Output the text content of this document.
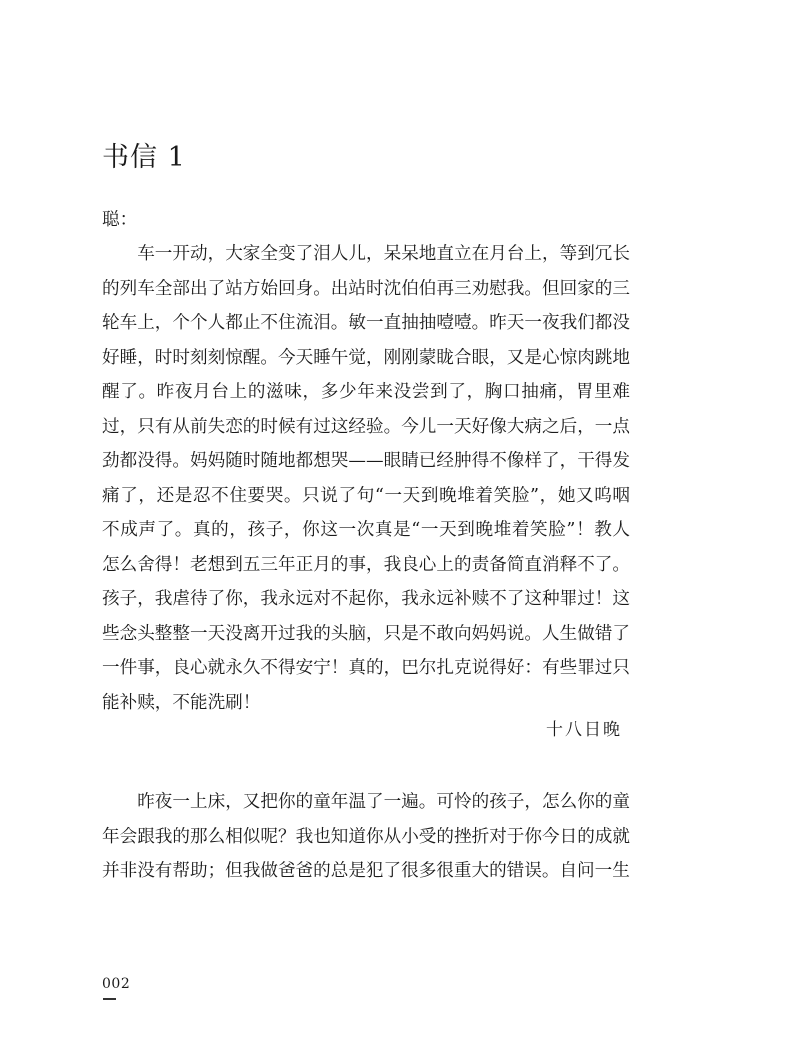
书信 1
聪：

车一开动，大家全变了泪人儿，呆呆地直立在月台上，等到冗长的列车全部出了站方始回身。出站时沈伯伯再三劝慰我。但回家的三轮车上，个个人都止不住流泪。敏一直抽抽噎噎。昨天一夜我们都没好睡，时时刻刻惊醒。今天睡午觉，刚刚蒙眬合眼，又是心惊肉跳地醒了。昨夜月台上的滋味，多少年来没尝到了，胸口抽痛，胃里难过，只有从前失恋的时候有过这经验。今儿一天好像大病之后，一点劲都没得。妈妈随时随地都想哭——眼睛已经肿得不像样了，干得发痛了，还是忍不住要哭。只说了句“一天到晚堆着笑脸”，她又呜咽不成声了。真的，孩子，你这一次真是“一天到晚堆着笑脸”！教人怎么舍得！老想到五三年正月的事，我良心上的责备简直消释不了。孩子，我虐待了你，我永远对不起你，我永远补赎不了这种罪过！这些念头整整一天没离开过我的头脑，只是不敢向妈妈说。人生做错了一件事，良心就永久不得安宁！真的，巴尔扎克说得好：有些罪过只能补赎，不能洗刷！

十八日晚

昨夜一上床，又把你的童年温了一遍。可怜的孩子，怎么你的童年会跟我的那么相似呢？我也知道你从小受的挫折对于你今日的成就并非没有帮助；但我做爸爸的总是犯了很多很重大的错误。自问一生

002
